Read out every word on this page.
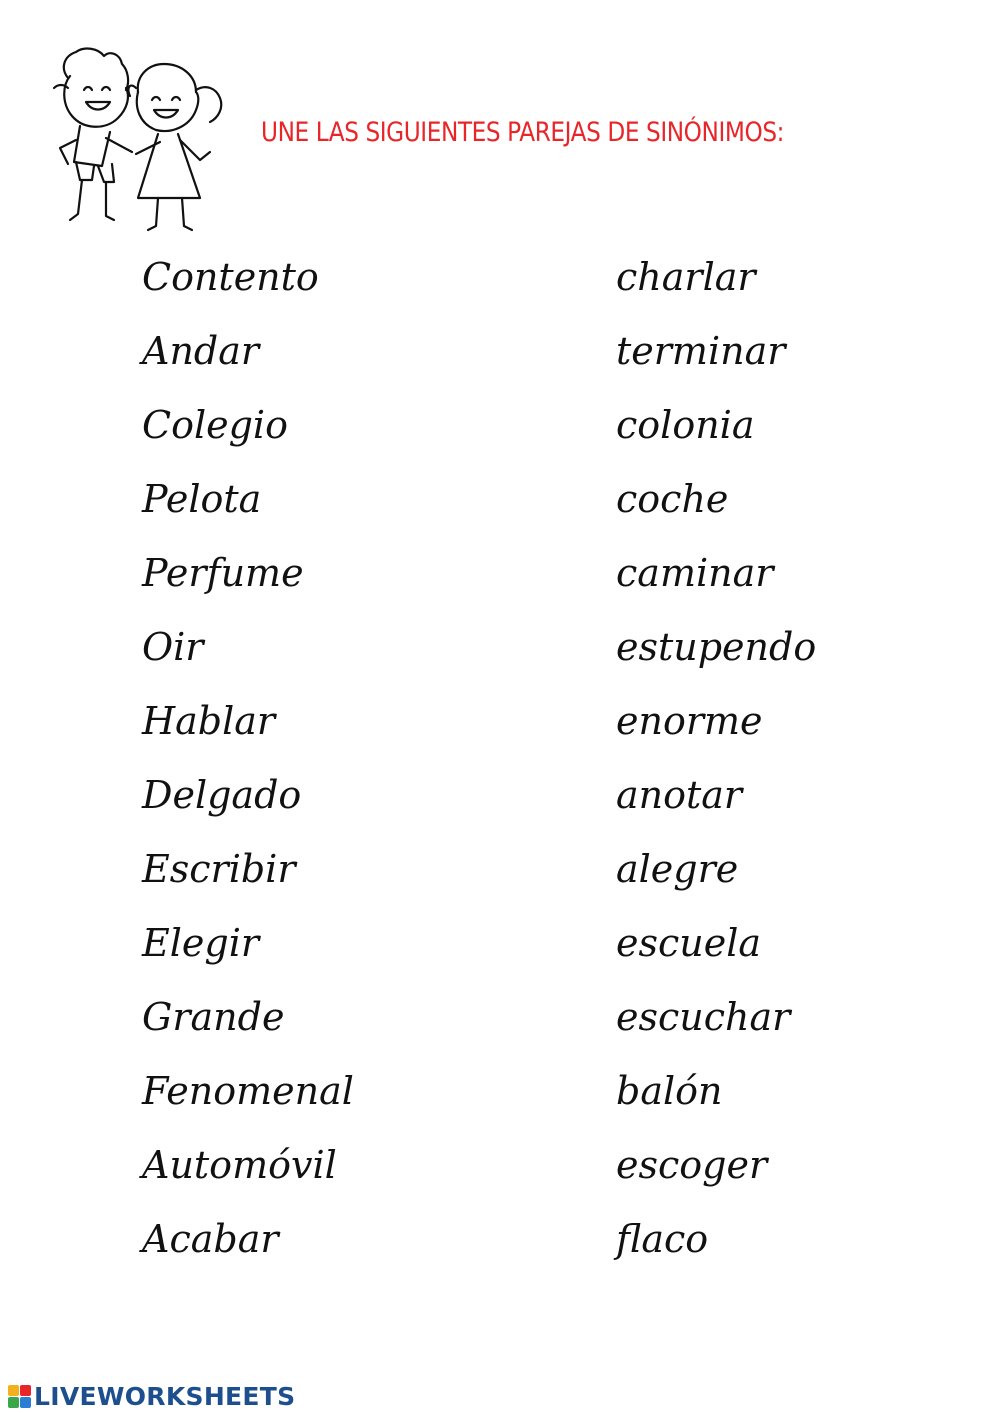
UNE LAS SIGUIENTES PAREJAS DE SINÓNIMOS:

Contento

Andar

Colegio

Pelota

Perfume

Oir

Hablar

Delgado

Escribir

Elegir

Grande

Fenomenal

Automóvil

Acabar

charlar

terminar

colonia

coche

caminar

estupendo

enorme

anotar

alegre

escuela

escuchar

balón

escoger

flaco

LIVEWORKSHEETS
